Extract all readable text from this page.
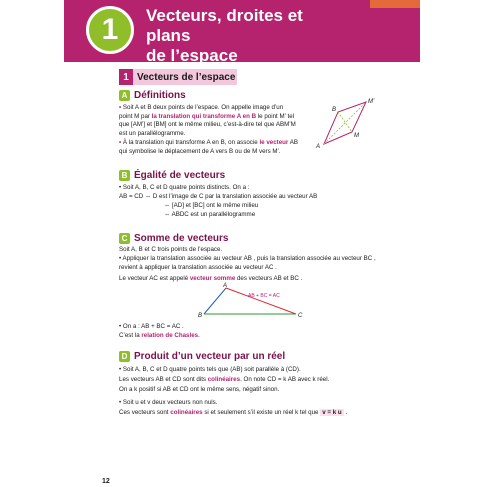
1	Vecteurs, droites et plans
de l’espace
1 Vecteurs de l’espace
A Définitions
• Soit A et B deux points de l’espace. On appelle image d’un
point M par la translation qui transforme A en B le point M’ tel
que [AM’] et [BM] ont le même milieu, c’est-à-dire tel que ABM’M
est un parallélogramme.
• À la translation qui transforme A en B, on associe le vecteur AB
qui symbolise le déplacement de A vers B ou de M vers M’.
A
B
M
M’
B Égalité de vecteurs
• Soit A, B, C et D quatre points distincts. On a :
AB = CD ⇔ D est l’image de C par la translation associée au vecteur AB
⇔ [AD] et [BC] ont le même milieu
⇔ ABDC est un parallélogramme
C Somme de vecteurs
Soit A, B et C trois points de l’espace.
• Appliquer la translation associée au vecteur AB , puis la translation associée au vecteur BC ,
revient à appliquer la translation associée au vecteur AC .
Le vecteur AC est appelé vecteur somme des vecteurs AB et BC .
A
B	C
AB + BC = AC
• On a : AB + BC = AC .
C’est la relation de Chasles.
D Produit d’un vecteur par un réel
• Soit A, B, C et D quatre points tels que (AB) soit parallèle à (CD).
Les vecteurs AB et CD sont dits colinéaires. On note CD = k AB avec k réel.
On a k positif si AB et CD ont le même sens, négatif sinon.
• Soit u et v deux vecteurs non nuls.
Ces vecteurs sont colinéaires si et seulement s’il existe un réel k tel que v = k u .
12
